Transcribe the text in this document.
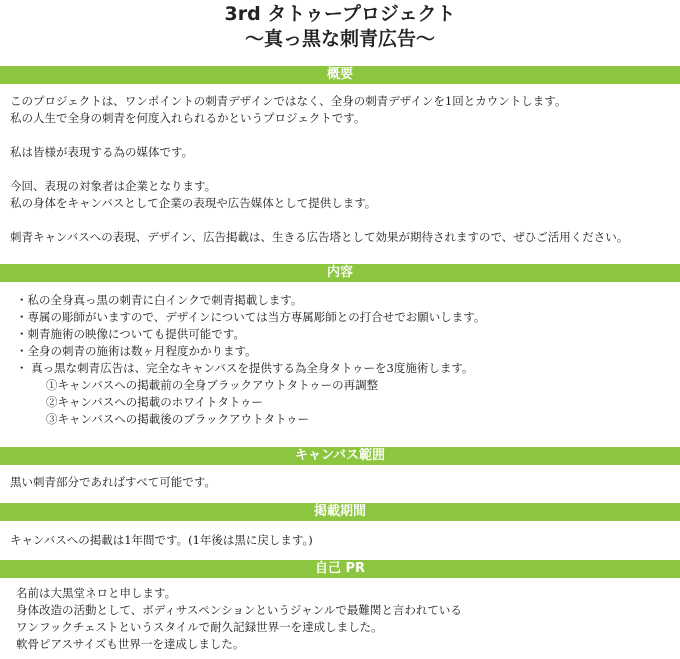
3rd タトゥープロジェクト
～真っ黒な刺青広告～
概要

このプロジェクトは、ワンポイントの刺青デザインではなく、全身の刺青デザインを1回とカウントします。

私の人生で全身の刺青を何度入れられるかというプロジェクトです。

私は皆様が表現する為の媒体です。

今回、表現の対象者は企業となります。

私の身体をキャンバスとして企業の表現や広告媒体として提供します。

刺青キャンバスへの表現、デザイン、広告掲載は、生きる広告塔として効果が期待されますので、ぜひご活用ください。

内容

・私の全身真っ黒の刺青に白インクで刺青掲載します。

・専属の彫師がいますので、デザインについては当方専属彫師との打合せでお願いします。

・刺青施術の映像についても提供可能です。

・全身の刺青の施術は数ヶ月程度かかります。

・ 真っ黒な刺青広告は、完全なキャンバスを提供する為全身タトゥーを3度施術します。

①キャンバスへの掲載前の全身ブラックアウトタトゥーの再調整

②キャンバスへの掲載のホワイトタトゥー

③キャンバスへの掲載後のブラックアウトタトゥー

キャンバス範囲

黒い刺青部分であればすべて可能です。

掲載期間

キャンバスへの掲載は1年間です。(1年後は黒に戻します。)

自己 PR

名前は大黒堂ネロと申します。

身体改造の活動として、ボディサスペンションというジャンルで最難関と言われている

ワンフックチェストというスタイルで耐久記録世界一を達成しました。

軟骨ピアスサイズも世界一を達成しました。
